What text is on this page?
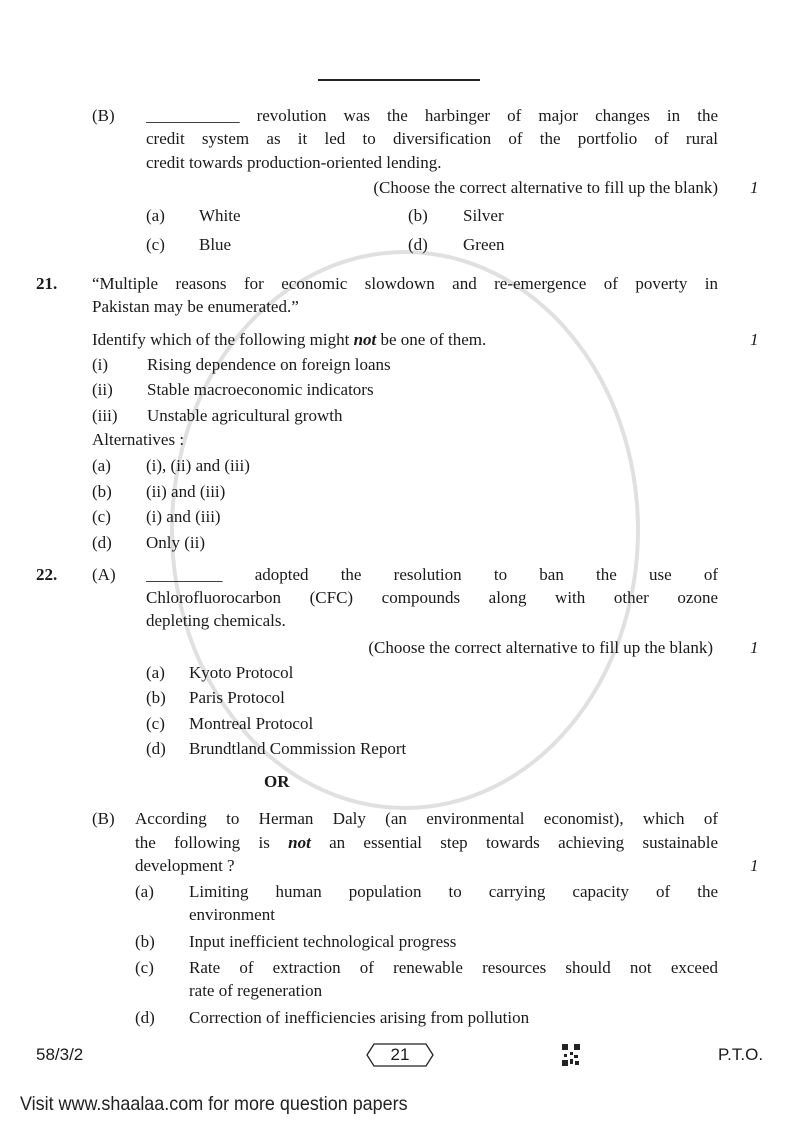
(B) ___________ revolution was the harbinger of major changes in the
credit system as it led to diversification of the portfolio of rural
credit towards production-oriented lending.
(Choose the correct alternative to fill up the blank) 1
(a) White	(b) Silver
(c) Blue	(d) Green
21. “Multiple reasons for economic slowdown and re-emergence of poverty in
Pakistan may be enumerated.”
Identify which of the following might not be one of them.	1
(i) Rising dependence on foreign loans
(ii) Stable macroeconomic indicators
(iii) Unstable agricultural growth
Alternatives :
(a) (i), (ii) and (iii)
(b) (ii) and (iii)
(c) (i) and (iii)
(d) Only (ii)
22. (A) _________ adopted the resolution to ban the use of
Chlorofluorocarbon (CFC) compounds along with other ozone
depleting chemicals.
(Choose the correct alternative to fill up the blank) 1
(a) Kyoto Protocol
(b) Paris Protocol
(c) Montreal Protocol
(d) Brundtland Commission Report
OR
(B) According to Herman Daly (an environmental economist), which of
the following is not an essential step towards achieving sustainable
development ?	1
(a) Limiting human population to carrying capacity of the
environment
(b) Input inefficient technological progress
(c) Rate of extraction of renewable resources should not exceed
rate of regeneration
(d) Correction of inefficiencies arising from pollution
58/3/2	21	P.T.O.
Visit www.shaalaa.com for more question papers
